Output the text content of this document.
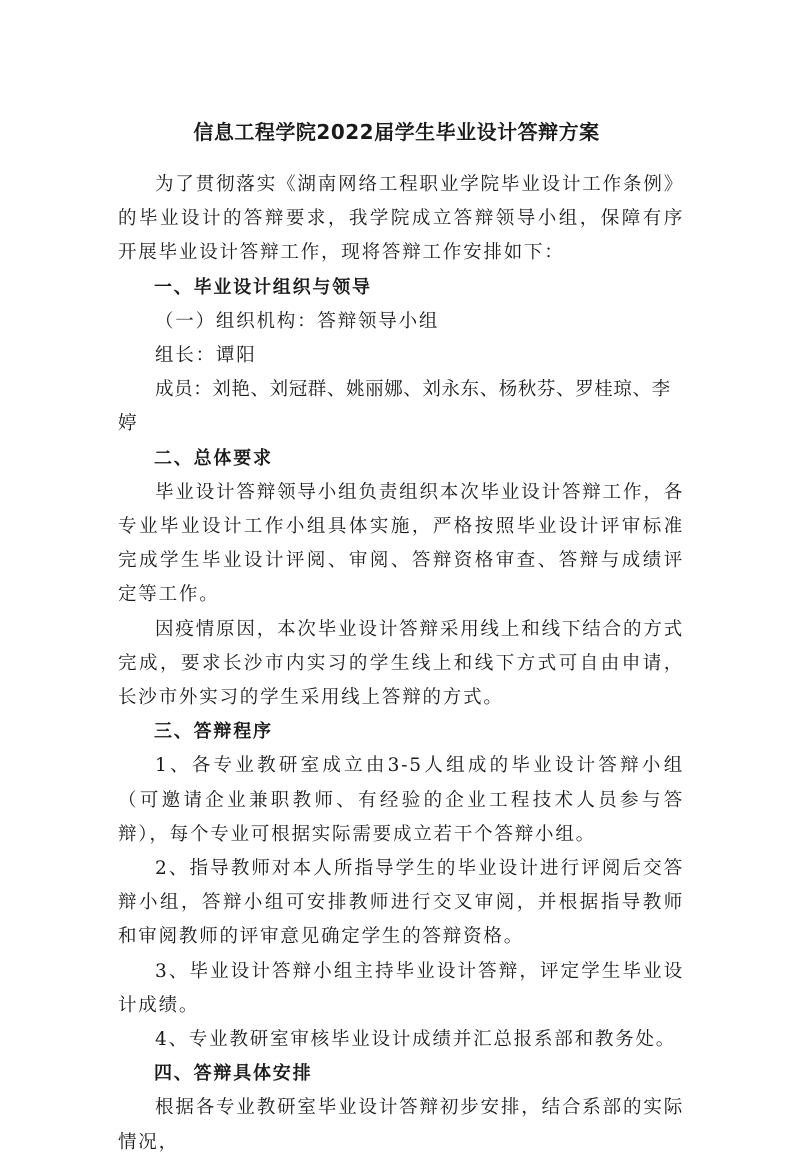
信息工程学院2022届学生毕业设计答辩方案

为了贯彻落实《湖南网络工程职业学院毕业设计工作条例》的毕业设计的答辩要求，我学院成立答辩领导小组，保障有序开展毕业设计答辩工作，现将答辩工作安排如下：

一、毕业设计组织与领导

（一）组织机构：答辩领导小组

组长：谭阳

成员：刘艳、刘冠群、姚丽娜、刘永东、杨秋芬、罗桂琼、李婷

二、总体要求

毕业设计答辩领导小组负责组织本次毕业设计答辩工作，各专业毕业设计工作小组具体实施，严格按照毕业设计评审标准完成学生毕业设计评阅、审阅、答辩资格审查、答辩与成绩评定等工作。

因疫情原因，本次毕业设计答辩采用线上和线下结合的方式完成，要求长沙市内实习的学生线上和线下方式可自由申请，长沙市外实习的学生采用线上答辩的方式。

三、答辩程序

1、各专业教研室成立由3-5人组成的毕业设计答辩小组（可邀请企业兼职教师、有经验的企业工程技术人员参与答辩），每个专业可根据实际需要成立若干个答辩小组。

2、指导教师对本人所指导学生的毕业设计进行评阅后交答辩小组，答辩小组可安排教师进行交叉审阅，并根据指导教师和审阅教师的评审意见确定学生的答辩资格。

3、毕业设计答辩小组主持毕业设计答辩，评定学生毕业设计成绩。

4、专业教研室审核毕业设计成绩并汇总报系部和教务处。

四、答辩具体安排

根据各专业教研室毕业设计答辩初步安排，结合系部的实际情况，
